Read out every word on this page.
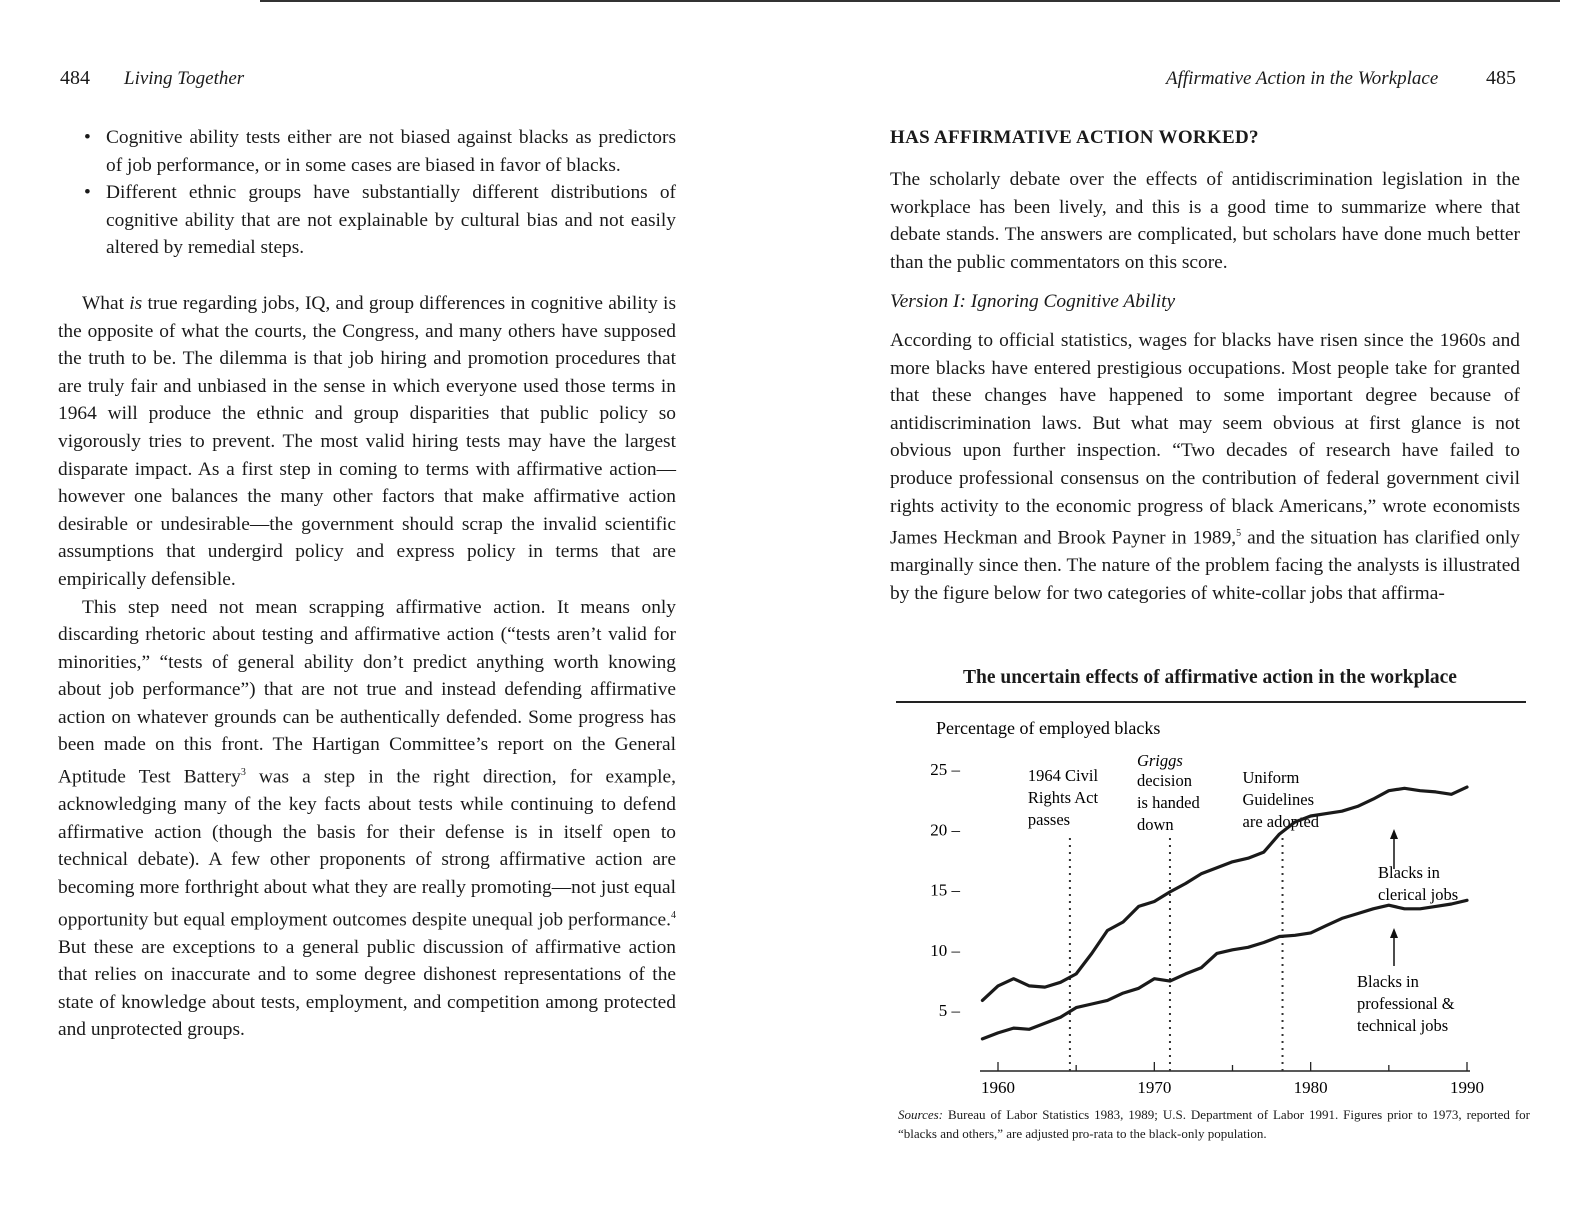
484 Living Together
• Cognitive ability tests either are not biased against blacks as predictors of job performance, or in some cases are biased in favor of blacks.
• Different ethnic groups have substantially different distributions of cognitive ability that are not explainable by cultural bias and not easily altered by remedial steps.

What is true regarding jobs, IQ, and group differences in cognitive ability is the opposite of what the courts, the Congress, and many others have supposed the truth to be. The dilemma is that job hiring and promotion procedures that are truly fair and unbiased in the sense in which everyone used those terms in 1964 will produce the ethnic and group disparities that public policy so vigorously tries to prevent. The most valid hiring tests may have the largest disparate impact. As a first step in coming to terms with affirmative action—however one balances the many other factors that make affirmative action desirable or undesirable—the government should scrap the invalid scientific assumptions that undergird policy and express policy in terms that are empirically defensible.

This step need not mean scrapping affirmative action. It means only discarding rhetoric about testing and affirmative action (“tests aren’t valid for minorities,” “tests of general ability don’t predict anything worth knowing about job performance”) that are not true and instead defending affirmative action on whatever grounds can be authentically defended. Some progress has been made on this front. The Hartigan Committee’s report on the General Aptitude Test Battery$^3$ was a step in the right direction, for example, acknowledging many of the key facts about tests while continuing to defend affirmative action (though the basis for their defense is in itself open to technical debate). A few other proponents of strong affirmative action are becoming more forthright about what they are really promoting—not just equal opportunity but equal employment outcomes despite unequal job performance.$^4$ But these are exceptions to a general public discussion of affirmative action that relies on inaccurate and to some degree dishonest representations of the state of knowledge about tests, employment, and competition among protected and unprotected groups.

Affirmative Action in the Workplace 485
HAS AFFIRMATIVE ACTION WORKED?

The scholarly debate over the effects of antidiscrimination legislation in the workplace has been lively, and this is a good time to summarize where that debate stands. The answers are complicated, but scholars have done much better than the public commentators on this score.

Version I: Ignoring Cognitive Ability

According to official statistics, wages for blacks have risen since the 1960s and more blacks have entered prestigious occupations. Most people take for granted that these changes have happened to some important degree because of antidiscrimination laws. But what may seem obvious at first glance is not obvious upon further inspection. “Two decades of research have failed to produce professional consensus on the contribution of federal government civil rights activity to the economic progress of black Americans,” wrote economists James Heckman and Brook Payner in 1989,$^5$ and the situation has clarified only marginally since then. The nature of the problem facing the analysts is illustrated by the figure below for two categories of white-collar jobs that affirma-

The uncertain effects of affirmative action in the workplace
Percentage of employed blacks
1960	1970	1980	1990
5 –
10 –
15 –
20 –
25 –	1964 Civil
Rights Act
passes
Griggs
decision
is handed
down
Uniform
Guidelines
are adopted
Blacks in
clerical jobs
Blacks in
professional &
technical jobs
Sources: Bureau of Labor Statistics 1983, 1989; U.S. Department of Labor 1991. Figures prior to 1973, reported for “blacks and others,” are adjusted pro-rata to the black-only population.
